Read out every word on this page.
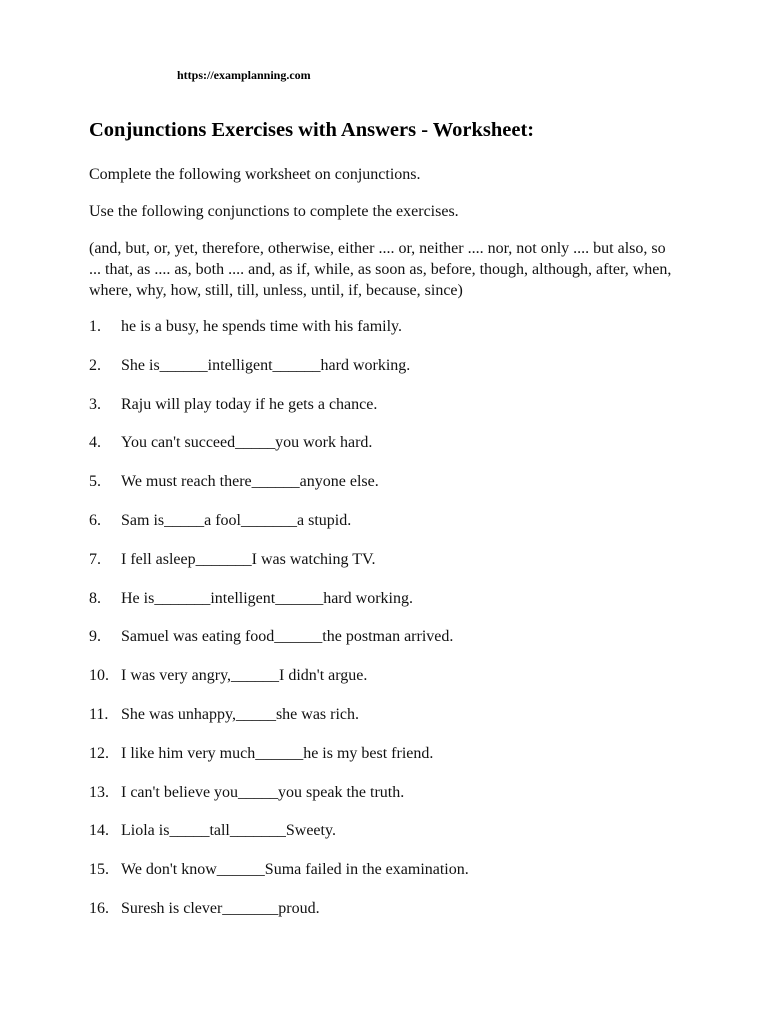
https://examplanning.com
Conjunctions Exercises with Answers - Worksheet:

Complete the following worksheet on conjunctions.

Use the following conjunctions to complete the exercises.

(and, but, or, yet, therefore, otherwise, either .... or, neither .... nor, not only .... but also, so ... that, as .... as, both .... and, as if, while, as soon as, before, though, although, after, when, where, why, how, still, till, unless, until, if, because, since)

1.	he is a busy, he spends time with his family.
2.	She is______intelligent______hard working.
3.	Raju will play today if he gets a chance.
4.	You can't succeed_____you work hard.
5.	We must reach there______anyone else.
6.	Sam is_____a fool_______a stupid.
7.	I fell asleep_______I was watching TV.
8.	He is_______intelligent______hard working.
9.	Samuel was eating food______the postman arrived.
10. I was very angry,______I didn't argue.
11. She was unhappy,_____she was rich.
12. I like him very much______he is my best friend.
13. I can't believe you_____you speak the truth.
14. Liola is_____tall_______Sweety.
15. We don't know______Suma failed in the examination.
16. Suresh is clever_______proud.
